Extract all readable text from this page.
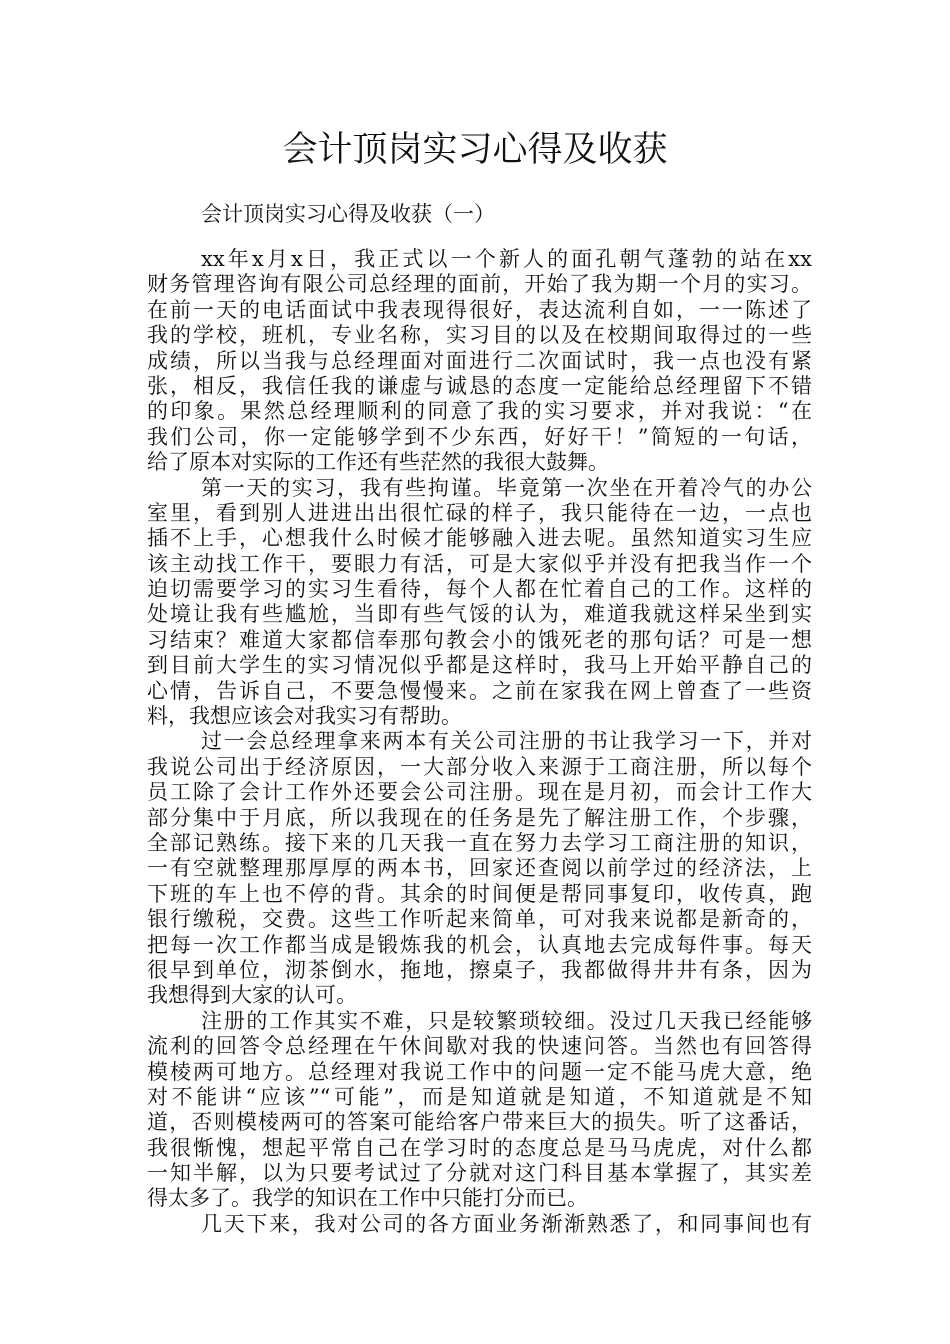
会计顶岗实习心得及收获

会计顶岗实习心得及收获（一）

xx年x月x日，我正式以一个新人的面孔朝气蓬勃的站在xx
财务管理咨询有限公司总经理的面前，开始了我为期一个月的实习。
在前一天的电话面试中我表现得很好，表达流利自如，一一陈述了
我的学校，班机，专业名称，实习目的以及在校期间取得过的一些
成绩，所以当我与总经理面对面进行二次面试时，我一点也没有紧
张，相反，我信任我的谦虚与诚恳的态度一定能给总经理留下不错
的印象。果然总经理顺利的同意了我的实习要求，并对我说：“在
我们公司，你一定能够学到不少东西，好好干！”简短的一句话，
给了原本对实际的工作还有些茫然的我很大鼓舞。
第一天的实习，我有些拘谨。毕竟第一次坐在开着冷气的办公
室里，看到别人进进出出很忙碌的样子，我只能待在一边，一点也
插不上手，心想我什么时候才能够融入进去呢。虽然知道实习生应
该主动找工作干，要眼力有活，可是大家似乎并没有把我当作一个
迫切需要学习的实习生看待，每个人都在忙着自己的工作。这样的
处境让我有些尴尬，当即有些气馁的认为，难道我就这样呆坐到实
习结束？难道大家都信奉那句教会小的饿死老的那句话？可是一想
到目前大学生的实习情况似乎都是这样时，我马上开始平静自己的
心情，告诉自己，不要急慢慢来。之前在家我在网上曾查了一些资
料，我想应该会对我实习有帮助。
过一会总经理拿来两本有关公司注册的书让我学习一下，并对
我说公司出于经济原因，一大部分收入来源于工商注册，所以每个
员工除了会计工作外还要会公司注册。现在是月初，而会计工作大
部分集中于月底，所以我现在的任务是先了解注册工作，个步骤，
全部记熟练。接下来的几天我一直在努力去学习工商注册的知识，
一有空就整理那厚厚的两本书，回家还查阅以前学过的经济法，上
下班的车上也不停的背。其余的时间便是帮同事复印，收传真，跑
银行缴税，交费。这些工作听起来简单，可对我来说都是新奇的，
把每一次工作都当成是锻炼我的机会，认真地去完成每件事。每天
很早到单位，沏茶倒水，拖地，擦桌子，我都做得井井有条，因为
我想得到大家的认可。
注册的工作其实不难，只是较繁琐较细。没过几天我已经能够
流利的回答令总经理在午休间歇对我的快速问答。当然也有回答得
模棱两可地方。总经理对我说工作中的问题一定不能马虎大意，绝
对不能讲“应该”“可能”，而是知道就是知道，不知道就是不知
道，否则模棱两可的答案可能给客户带来巨大的损失。听了这番话，
我很惭愧，想起平常自己在学习时的态度总是马马虎虎，对什么都
一知半解，以为只要考试过了分就对这门科目基本掌握了，其实差
得太多了。我学的知识在工作中只能打分而已。
几天下来，我对公司的各方面业务渐渐熟悉了，和同事间也有
